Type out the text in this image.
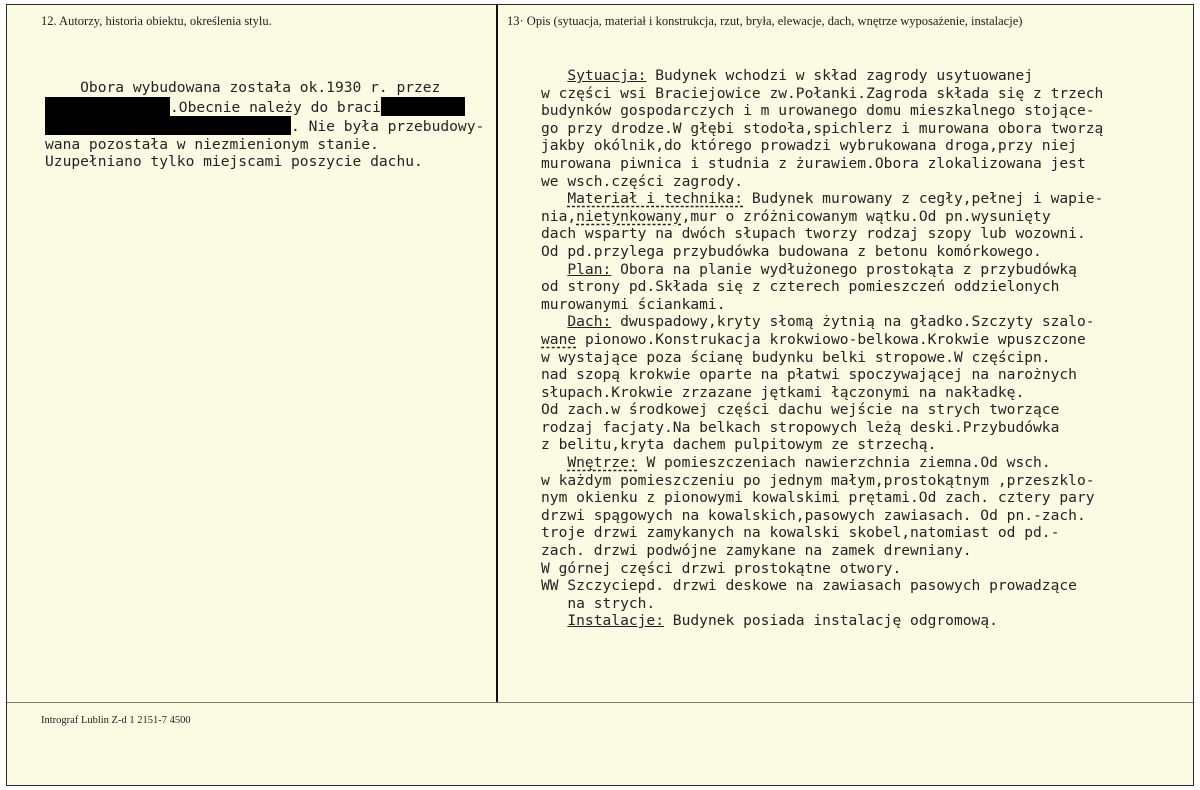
12. Autorzy, historia obiektu, określenia stylu.	13· Opis (sytuacja, materiał i konstrukcja, rzut, bryła, elewacje, dach, wnętrze wyposażenie, instalacje)
Obora wybudowana została ok.1930 r. przez
.Obecnie należy do braci
. Nie była przebudowy-
wana pozostała w niezmienionym stanie.
Uzupełniano tylko miejscami poszycie dachu.
Sytuacja: Budynek wchodzi w skład zagrody usytuowanej
w części wsi Braciejowice zw.Połanki.Zagroda składa się z trzech
budynków gospodarczych i m urowanego domu mieszkalnego stojące-
go przy drodze.W głębi stodoła,spichlerz i murowana obora tworzą
jakby okólnik,do którego prowadzi wybrukowana droga,przy niej
murowana piwnica i studnia z żurawiem.Obora zlokalizowana jest
we wsch.części zagrody.
Materiał i technika: Budynek murowany z cegły,pełnej i wapie-
nia,nietynkowany,mur o zróżnicowanym wątku.Od pn.wysunięty
dach wsparty na dwóch słupach tworzy rodzaj szopy lub wozowni.
Od pd.przylega przybudówka budowana z betonu komórkowego.
Plan: Obora na planie wydłużonego prostokąta z przybudówką
od strony pd.Składa się z czterech pomieszczeń oddzielonych
murowanymi ściankami.
Dach: dwuspadowy,kryty słomą żytnią na gładko.Szczyty szalo-
wane pionowo.Konstrukacja krokwiowo-belkowa.Krokwie wpuszczone
w wystające poza ścianę budynku belki stropowe.W częścipn.
nad szopą krokwie oparte na płatwi spoczywającej na narożnych
słupach.Krokwie zrzazane jętkami łączonymi na nakładkę.
Od zach.w środkowej części dachu wejście na strych tworzące
rodzaj facjaty.Na belkach stropowych leżą deski.Przybudówka
z belitu,kryta dachem pulpitowym ze strzechą.
Wnętrze: W pomieszczeniach nawierzchnia ziemna.Od wsch.
w każdym pomieszczeniu po jednym małym,prostokątnym ,przeszklo-
nym okienku z pionowymi kowalskimi prętami.Od zach. cztery pary
drzwi spągowych na kowalskich,pasowych zawiasach. Od pn.-zach.
troje drzwi zamykanych na kowalski skobel,natomiast od pd.-
zach. drzwi podwójne zamykane na zamek drewniany.
W górnej części drzwi prostokątne otwory.
WW Szczyciepd. drzwi deskowe na zawiasach pasowych prowadzące
na strych.
Instalacje: Budynek posiada instalację odgromową.
Intrograf Lublin Z-d 1 2151-7 4500
